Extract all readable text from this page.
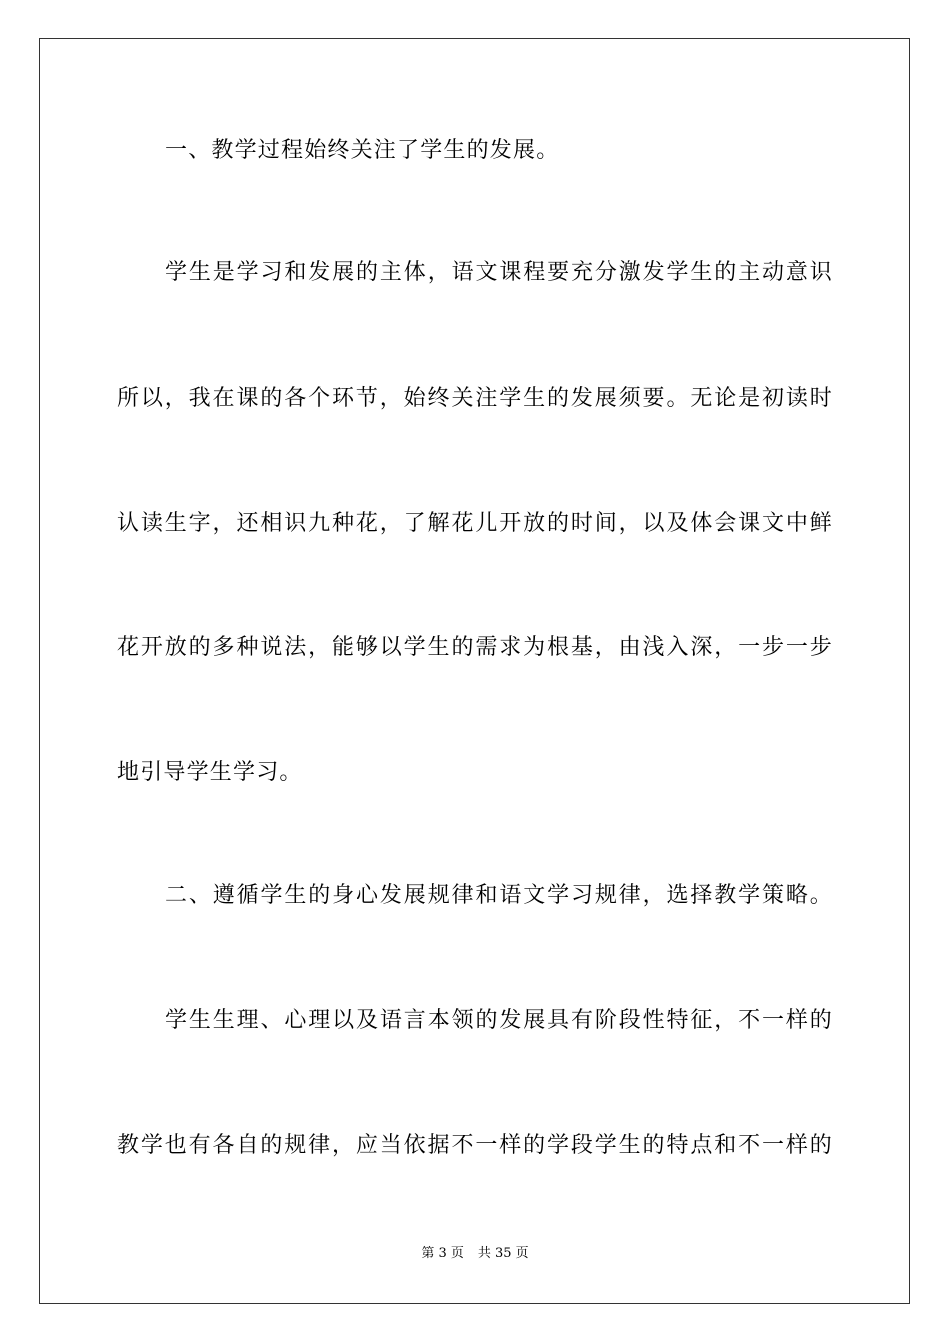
一、教学过程始终关注了学生的发展。
学生是学习和发展的主体，语文课程要充分激发学生的主动意识
所以，我在课的各个环节，始终关注学生的发展须要。无论是初读时
认读生字，还相识九种花，了解花儿开放的时间，以及体会课文中鲜
花开放的多种说法，能够以学生的需求为根基，由浅入深，一步一步
地引导学生学习。
二、遵循学生的身心发展规律和语文学习规律，选择教学策略。
学生生理、心理以及语言本领的发展具有阶段性特征，不一样的
教学也有各自的规律，应当依据不一样的学段学生的特点和不一样的
第 3 页 共 35 页
